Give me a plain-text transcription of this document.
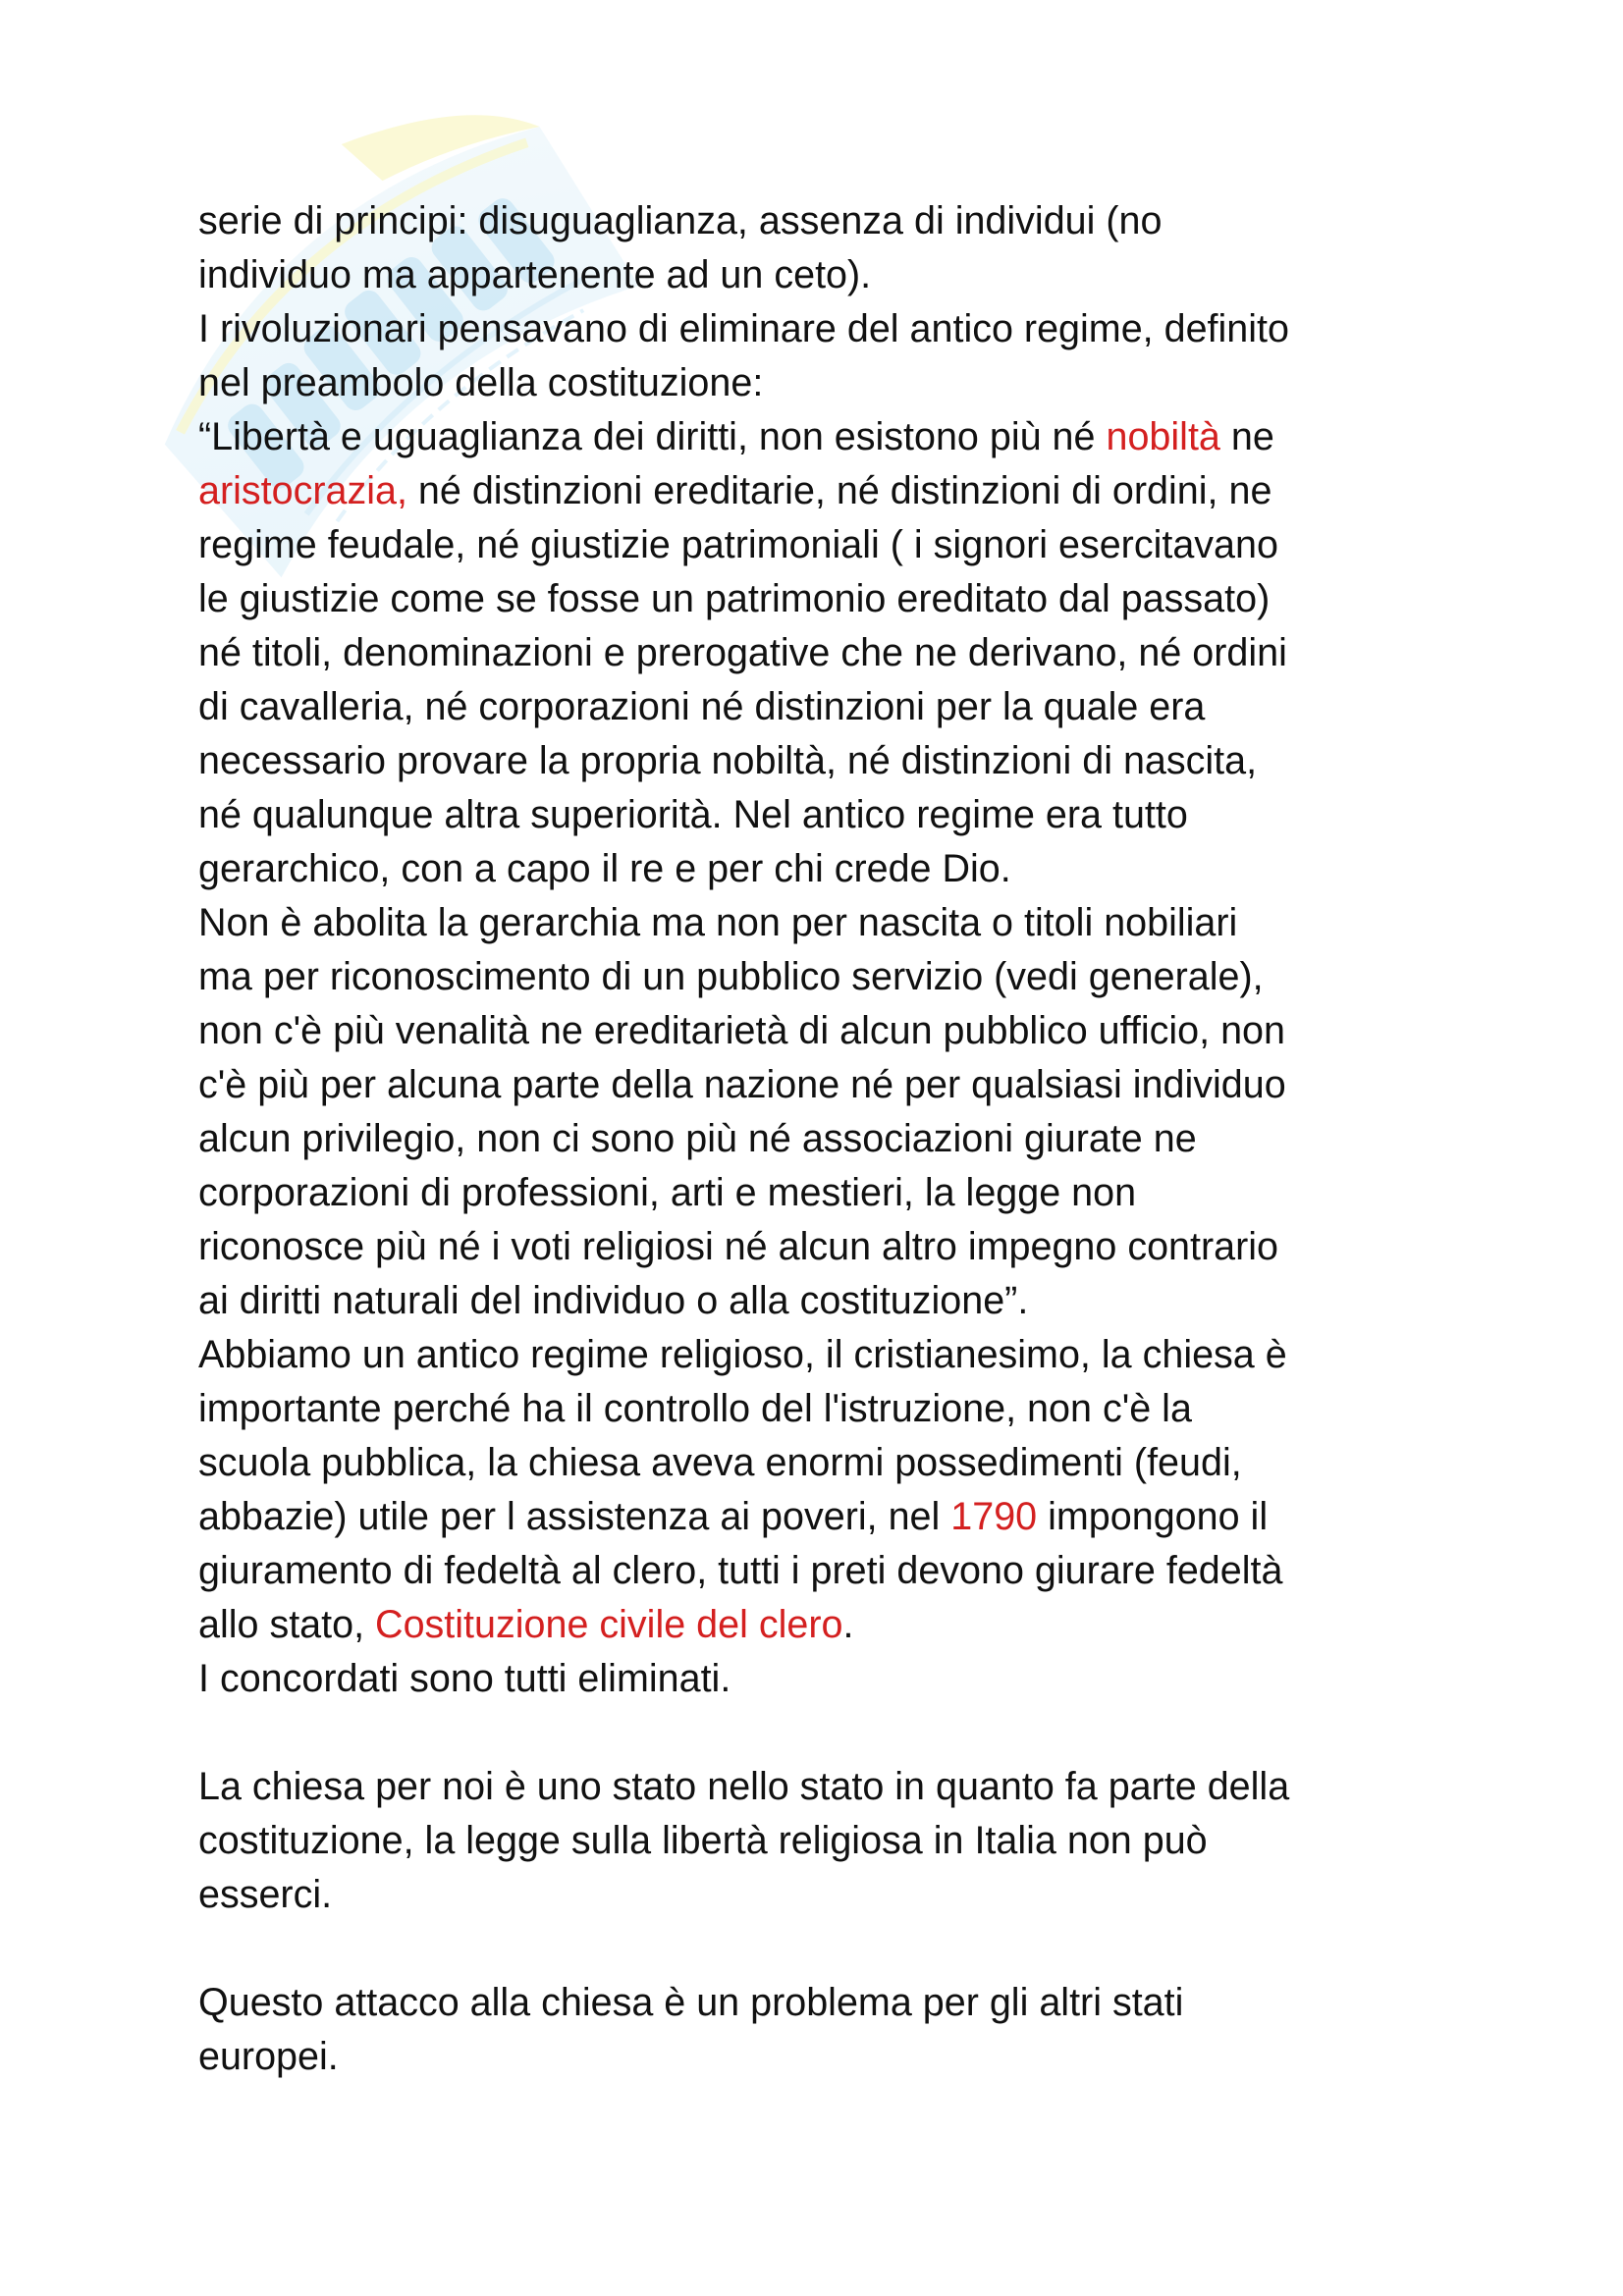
serie di principi: disuguaglianza, assenza di individui (no

individuo ma appartenente ad un ceto).

I rivoluzionari pensavano di eliminare del antico regime, definito

nel preambolo della costituzione:

“Libertà e uguaglianza dei diritti, non esistono più né nobiltà ne

aristocrazia, né distinzioni ereditarie, né distinzioni di ordini, ne

regime feudale, né giustizie patrimoniali ( i signori esercitavano

le giustizie come se fosse un patrimonio ereditato dal passato)

né titoli, denominazioni e prerogative che ne derivano, né ordini

di cavalleria, né corporazioni né distinzioni per la quale era

necessario provare la propria nobiltà, né distinzioni di nascita,

né qualunque altra superiorità. Nel antico regime era tutto

gerarchico, con a capo il re e per chi crede Dio.

Non è abolita la gerarchia ma non per nascita o titoli nobiliari

ma per riconoscimento di un pubblico servizio (vedi generale),

non c'è più venalità ne ereditarietà di alcun pubblico ufficio, non

c'è più per alcuna parte della nazione né per qualsiasi individuo

alcun privilegio, non ci sono più né associazioni giurate ne

corporazioni di professioni, arti e mestieri, la legge non

riconosce più né i voti religiosi né alcun altro impegno contrario

ai diritti naturali del individuo o alla costituzione”.

Abbiamo un antico regime religioso, il cristianesimo, la chiesa è

importante perché ha il controllo del l'istruzione, non c'è la

scuola pubblica, la chiesa aveva enormi possedimenti (feudi,

abbazie) utile per l assistenza ai poveri, nel 1790 impongono il

giuramento di fedeltà al clero, tutti i preti devono giurare fedeltà

allo stato, Costituzione civile del clero.

I concordati sono tutti eliminati.

La chiesa per noi è uno stato nello stato in quanto fa parte della

costituzione, la legge sulla libertà religiosa in Italia non può

esserci.

Questo attacco alla chiesa è un problema per gli altri stati

europei.
